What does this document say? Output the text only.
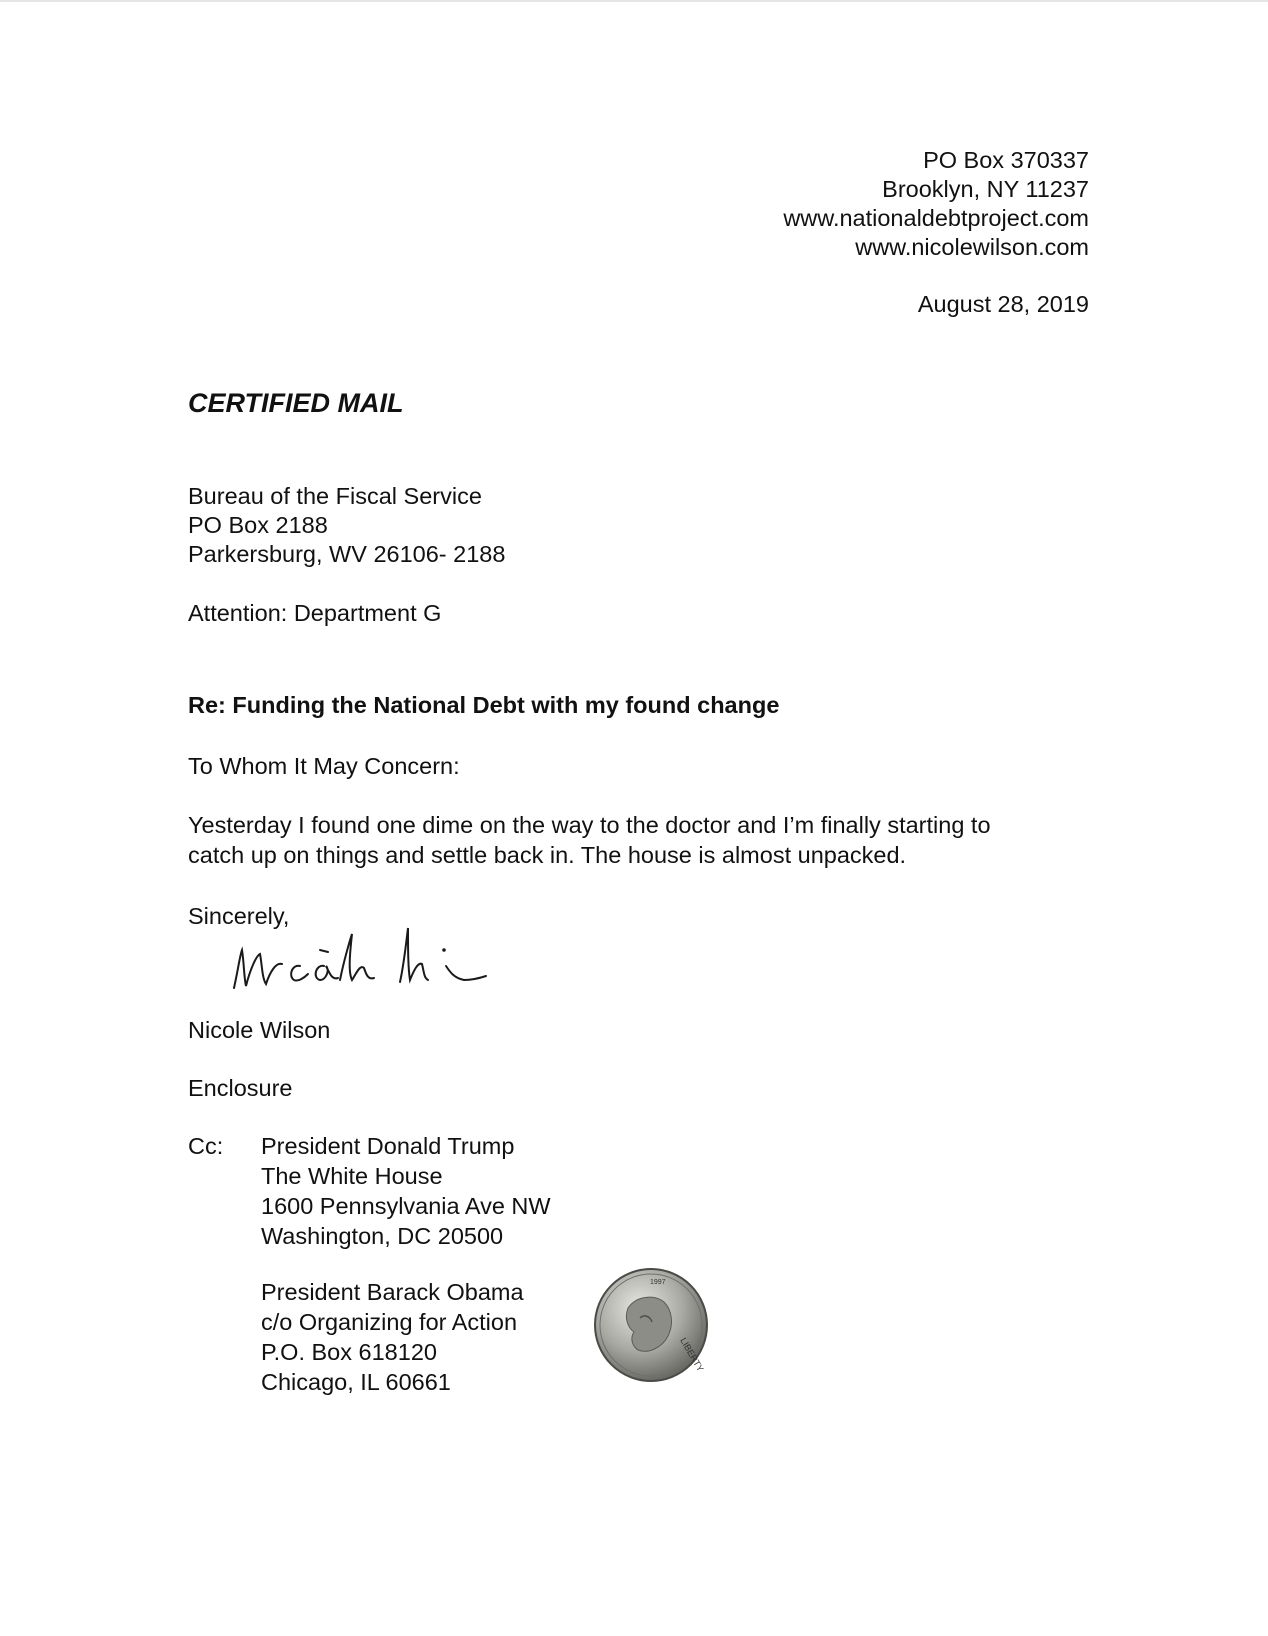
PO Box 370337
Brooklyn, NY 11237
www.nationaldebtproject.com
www.nicolewilson.com
August 28, 2019
CERTIFIED MAIL
Bureau of the Fiscal Service
PO Box 2188
Parkersburg, WV 26106- 2188
Attention: Department G
Re: Funding the National Debt with my found change
To Whom It May Concern:
Yesterday I found one dime on the way to the doctor and I’m finally starting to
catch up on things and settle back in. The house is almost unpacked.
Sincerely,
Nicole Wilson
Enclosure
Cc: President Donald Trump
The White House
1600 Pennsylvania Ave NW
Washington, DC 20500
President Barack Obama
c/o Organizing for Action
P.O. Box 618120
Chicago, IL 60661
LIBERTY
1997
